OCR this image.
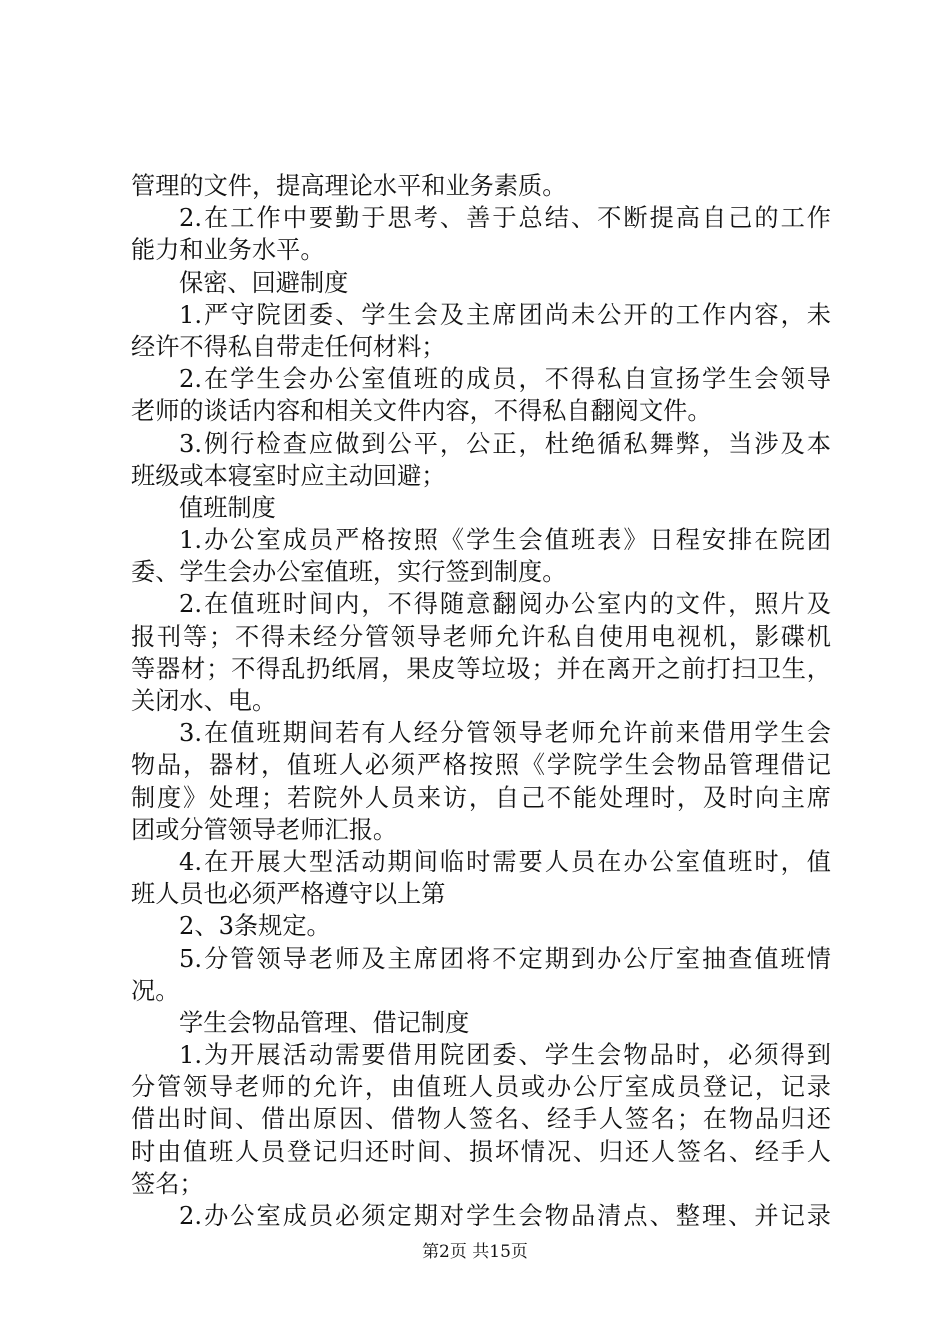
管理的文件，提高理论水平和业务素质。
2.在工作中要勤于思考、善于总结、不断提高自己的工作
能力和业务水平。
保密、回避制度
1.严守院团委、学生会及主席团尚未公开的工作内容，未
经许不得私自带走任何材料；
2.在学生会办公室值班的成员，不得私自宣扬学生会领导
老师的谈话内容和相关文件内容，不得私自翻阅文件。
3.例行检查应做到公平，公正，杜绝循私舞弊，当涉及本
班级或本寝室时应主动回避；
值班制度
1.办公室成员严格按照《学生会值班表》日程安排在院团
委、学生会办公室值班，实行签到制度。
2.在值班时间内，不得随意翻阅办公室内的文件，照片及
报刊等；不得未经分管领导老师允许私自使用电视机，影碟机
等器材；不得乱扔纸屑，果皮等垃圾；并在离开之前打扫卫生，
关闭水、电。
3.在值班期间若有人经分管领导老师允许前来借用学生会
物品，器材，值班人必须严格按照《学院学生会物品管理借记
制度》处理；若院外人员来访，自己不能处理时，及时向主席
团或分管领导老师汇报。
4.在开展大型活动期间临时需要人员在办公室值班时，值
班人员也必须严格遵守以上第
2、3条规定。
5.分管领导老师及主席团将不定期到办公厅室抽查值班情
况。
学生会物品管理、借记制度
1.为开展活动需要借用院团委、学生会物品时，必须得到
分管领导老师的允许，由值班人员或办公厅室成员登记，记录
借出时间、借出原因、借物人签名、经手人签名；在物品归还
时由值班人员登记归还时间、损坏情况、归还人签名、经手人
签名；
2.办公室成员必须定期对学生会物品清点、整理、并记录
第2页 共15页
